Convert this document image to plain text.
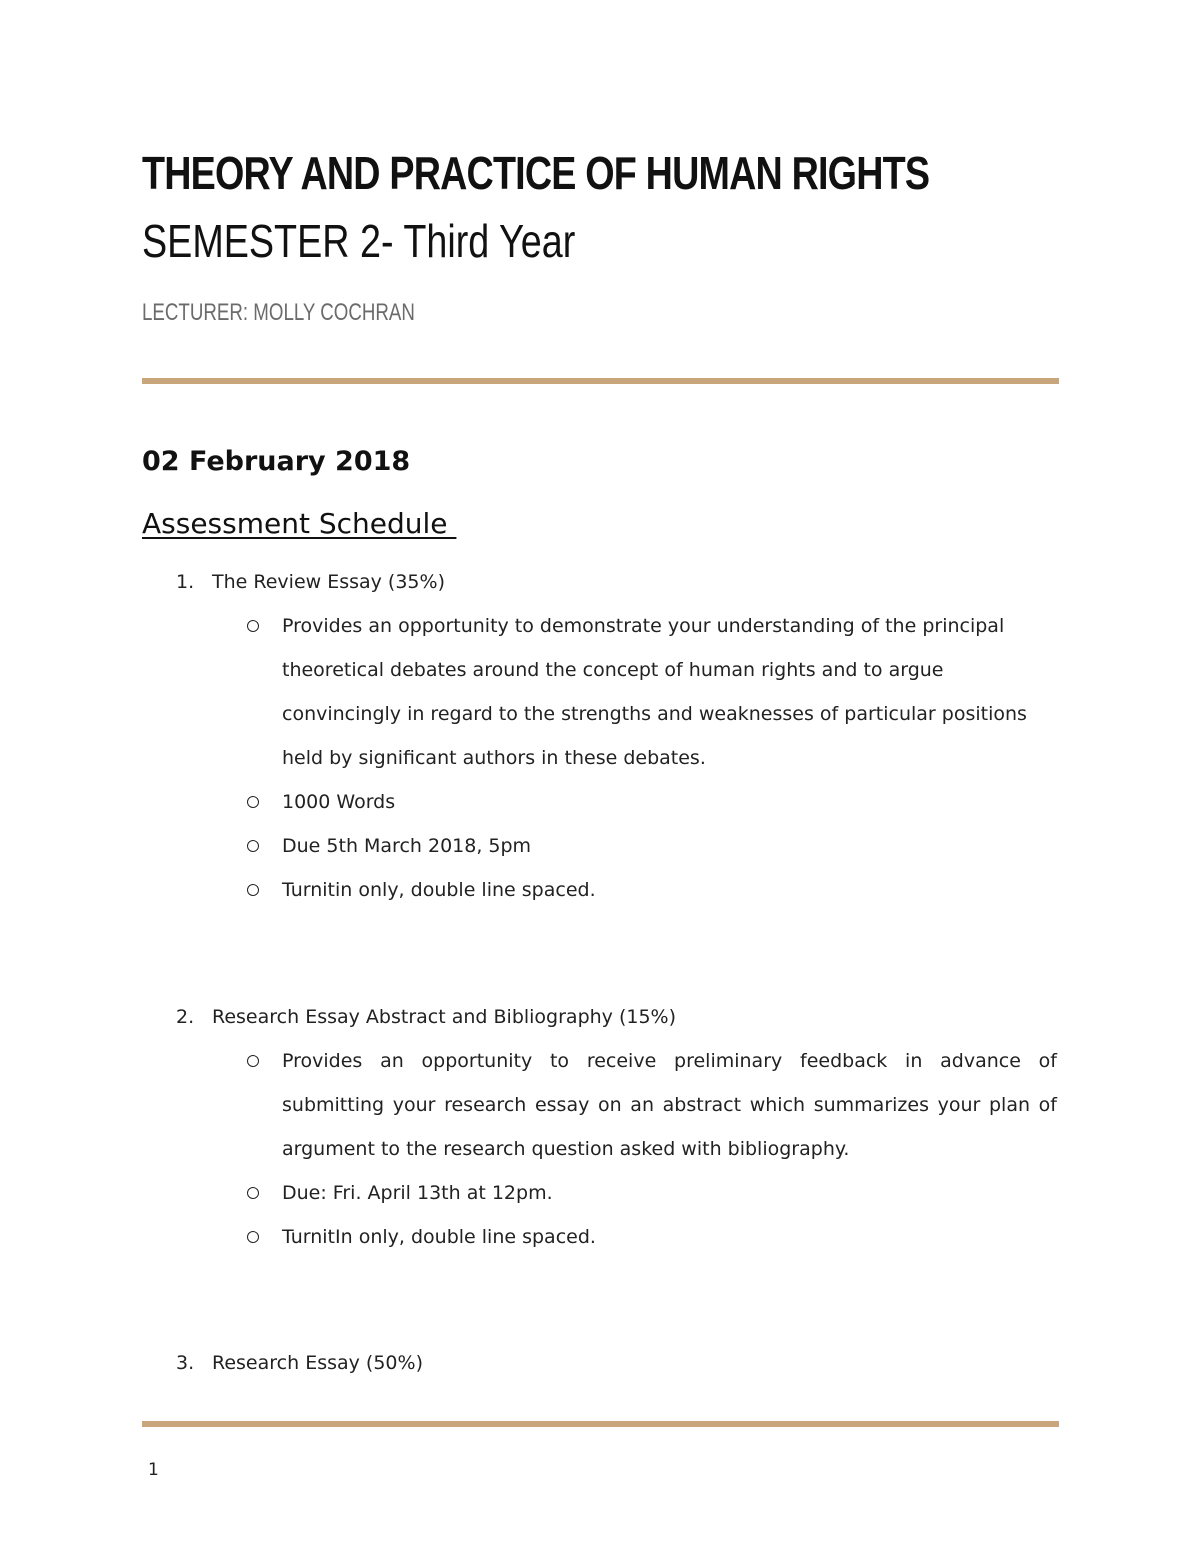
THEORY AND PRACTICE OF HUMAN RIGHTS
SEMESTER 2- Third Year
LECTURER: MOLLY COCHRAN
02 February 2018
Assessment Schedule
1. The Review Essay (35%)
Provides an opportunity to demonstrate your understanding of the principal theoretical debates around the concept of human rights and to argue convincingly in regard to the strengths and weaknesses of particular positions held by significant authors in these debates.
1000 Words
Due 5th March 2018, 5pm
Turnitin only, double line spaced.
2. Research Essay Abstract and Bibliography (15%)
Provides an opportunity to receive preliminary feedback in advance of submitting your research essay on an abstract which summarizes your plan of argument to the research question asked with bibliography.
Due: Fri. April 13th at 12pm.
TurnitIn only, double line spaced.
3. Research Essay (50%)
1
